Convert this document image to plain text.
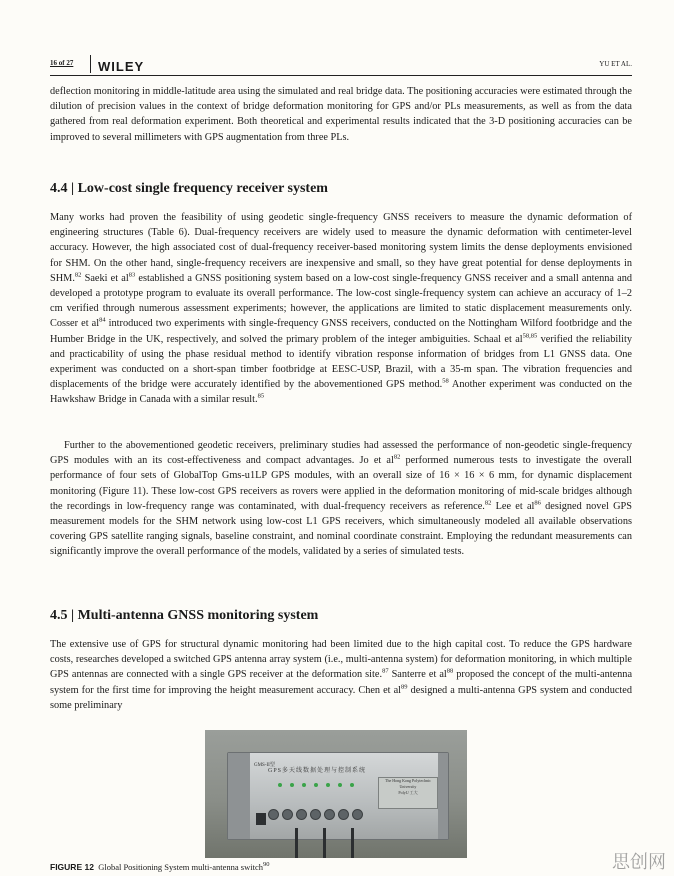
16 of 27 WILEY	YU ET AL.

deflection monitoring in middle-latitude area using the simulated and real bridge data. The positioning accuracies were estimated through the dilution of precision values in the context of bridge deformation monitoring for GPS and/or PLs measurements, as well as from the data gathered from real deformation experiment. Both theoretical and experimental results indicated that the 3-D positioning accuracies can be improved to several millimeters with GPS augmentation from three PLs.

4.4 | Low-cost single frequency receiver system

Many works had proven the feasibility of using geodetic single-frequency GNSS receivers to measure the dynamic deformation of engineering structures (Table 6). Dual-frequency receivers are widely used to measure the dynamic deformation with centimeter-level accuracy. However, the high associated cost of dual-frequency receiver-based monitoring system limits the dense deployments envisioned for SHM. On the other hand, single-frequency receivers are inexpensive and small, so they have great potential for dense deployments in SHM.$^{82}$ Saeki et $al^{83}$ established a GNSS positioning system based on a low-cost single-frequency GNSS receiver and a small antenna and developed a prototype program to evaluate its overall performance. The low-cost single-frequency system can achieve an accuracy of 1–2 cm verified through numerous assessment experiments; however, the applications are limited to static displacement measurements only. Cosser et $al^{84}$ introduced two experiments with single-frequency GNSS receivers, conducted on the Nottingham Wilford footbridge and the Humber Bridge in the UK, respectively, and solved the primary problem of the integer ambiguities. Schaal et al$^{58,85}$ verified the reliability and practicability of using the phase residual method to identify vibration response information of bridges from L1 GNSS data. One experiment was conducted on a short-span timber footbridge at EESC-USP, Brazil, with a 35-m span. The vibration frequencies and displacements of the bridge were accurately identified by the abovementioned GPS method.$^{58}$ Another experiment was conducted on the Hawkshaw Bridge in Canada with a similar result.$^{85}$

Further to the abovementioned geodetic receivers, preliminary studies had assessed the performance of non-geodetic single-frequency GPS modules with an its cost-effectiveness and compact advantages. Jo et $al^{82}$ performed numerous tests to investigate the overall performance of four sets of GlobalTop Gms-u1LP GPS modules, with an overall size of 16 × 16 × 6 mm, for dynamic displacement monitoring (Figure 11). These low-cost GPS receivers as rovers were applied in the deformation monitoring of mid-scale bridges although the recordings in low-frequency range was contaminated, with dual-frequency receivers as reference.$^{82}$ Lee et $al^{86}$ designed novel GPS measurement models for the SHM network using low-cost L1 GPS receivers, which simultaneously modeled all available observations covering GPS satellite ranging signals, baseline constraint, and nominal coordinate constraint. Employing the redundant measurements can significantly improve the overall performance of the models, validated by a series of simulated tests.

4.5 | Multi-antenna GNSS monitoring system

The extensive use of GPS for structural dynamic monitoring had been limited due to the high capital cost. To reduce the GPS hardware costs, researches developed a switched GPS antenna array system (i.e., multi-antenna system) for deformation monitoring, in which multiple GPS antennas are connected with a single GPS receiver at the deformation site.$^{87}$ Santerre et $al^{88}$ proposed the concept of the multi-antenna system for the first time for improving the height measurement accuracy. Chen et $al^{89}$ designed a multi-antenna GPS system and conducted some preliminary

GMS-II型
GPS多天线数据处理与控制系统
The Hong Kong Polytechnic University
PolyU 工大

FIGURE 12 Global Positioning System multi-antenna switch$^{90}$	思创网
